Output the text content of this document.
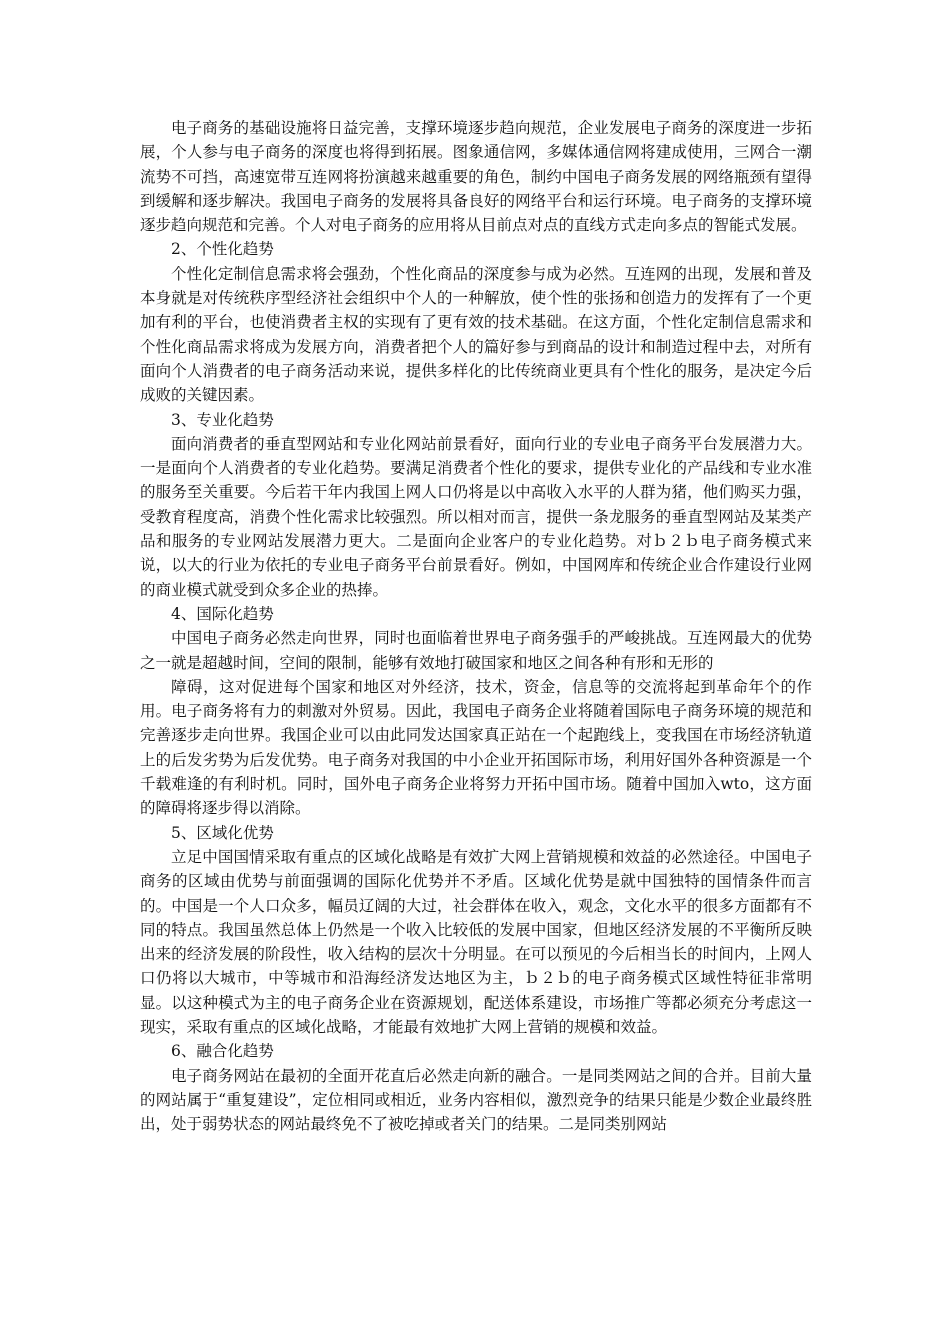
电子商务的基础设施将日益完善，支撑环境逐步趋向规范，企业发展电子商务的深度进一步拓展，个人参与电子商务的深度也将得到拓展。图象通信网，多媒体通信网将建成使用，三网合一潮流势不可挡，高速宽带互连网将扮演越来越重要的角色，制约中国电子商务发展的网络瓶颈有望得到缓解和逐步解决。我国电子商务的发展将具备良好的网络平台和运行环境。电子商务的支撑环境逐步趋向规范和完善。个人对电子商务的应用将从目前点对点的直线方式走向多点的智能式发展。

2、个性化趋势

个性化定制信息需求将会强劲，个性化商品的深度参与成为必然。互连网的出现，发展和普及本身就是对传统秩序型经济社会组织中个人的一种解放，使个性的张扬和创造力的发挥有了一个更加有利的平台，也使消费者主权的实现有了更有效的技术基础。在这方面，个性化定制信息需求和个性化商品需求将成为发展方向，消费者把个人的篇好参与到商品的设计和制造过程中去，对所有面向个人消费者的电子商务活动来说，提供多样化的比传统商业更具有个性化的服务，是决定今后成败的关键因素。

3、专业化趋势

面向消费者的垂直型网站和专业化网站前景看好，面向行业的专业电子商务平台发展潜力大。一是面向个人消费者的专业化趋势。要满足消费者个性化的要求，提供专业化的产品线和专业水准的服务至关重要。今后若干年内我国上网人口仍将是以中高收入水平的人群为猪，他们购买力强，受教育程度高，消费个性化需求比较强烈。所以相对而言，提供一条龙服务的垂直型网站及某类产品和服务的专业网站发展潜力更大。二是面向企业客户的专业化趋势。对ｂ２ｂ电子商务模式来说，以大的行业为依托的专业电子商务平台前景看好。例如，中国网库和传统企业合作建设行业网的商业模式就受到众多企业的热捧。

4、国际化趋势

中国电子商务必然走向世界，同时也面临着世界电子商务强手的严峻挑战。互连网最大的优势之一就是超越时间，空间的限制，能够有效地打破国家和地区之间各种有形和无形的

障碍，这对促进每个国家和地区对外经济，技术，资金，信息等的交流将起到革命年个的作用。电子商务将有力的刺激对外贸易。因此，我国电子商务企业将随着国际电子商务环境的规范和完善逐步走向世界。我国企业可以由此同发达国家真正站在一个起跑线上，变我国在市场经济轨道上的后发劣势为后发优势。电子商务对我国的中小企业开拓国际市场，利用好国外各种资源是一个千载难逢的有利时机。同时，国外电子商务企业将努力开拓中国市场。随着中国加入wto，这方面的障碍将逐步得以消除。

5、区域化优势

立足中国国情采取有重点的区域化战略是有效扩大网上营销规模和效益的必然途径。中国电子商务的区域由优势与前面强调的国际化优势并不矛盾。区域化优势是就中国独特的国情条件而言的。中国是一个人口众多，幅员辽阔的大过，社会群体在收入，观念，文化水平的很多方面都有不同的特点。我国虽然总体上仍然是一个收入比较低的发展中国家，但地区经济发展的不平衡所反映出来的经济发展的阶段性，收入结构的层次十分明显。在可以预见的今后相当长的时间内，上网人口仍将以大城市，中等城市和沿海经济发达地区为主，ｂ２ｂ的电子商务模式区域性特征非常明显。以这种模式为主的电子商务企业在资源规划，配送体系建设，市场推广等都必须充分考虑这一现实，采取有重点的区域化战略，才能最有效地扩大网上营销的规模和效益。

6、融合化趋势

电子商务网站在最初的全面开花直后必然走向新的融合。一是同类网站之间的合并。目前大量的网站属于“重复建设”，定位相同或相近，业务内容相似，激烈竞争的结果只能是少数企业最终胜出，处于弱势状态的网站最终免不了被吃掉或者关门的结果。二是同类别网站
